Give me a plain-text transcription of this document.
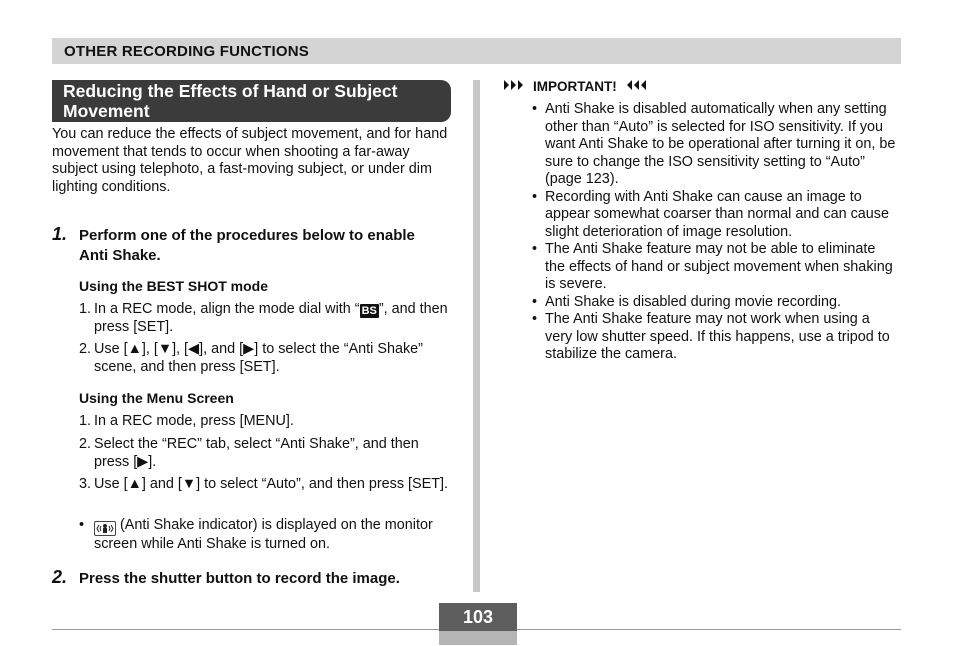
OTHER RECORDING FUNCTIONS
Reducing the Effects of Hand or Subject Movement

You can reduce the effects of subject movement, and for hand movement that tends to occur when shooting a far-away subject using telephoto, a fast-moving subject, or under dim lighting conditions.

1. Perform one of the procedures below to enable Anti Shake.
Using the BEST SHOT mode
1. In a REC mode, align the mode dial with “ BS ”, and then press [SET].
2. Use [▲], [▼], [◀], and [▶] to select the “Anti Shake” scene, and then press [SET].
Using the Menu Screen
1. In a REC mode, press [MENU].
2. Select the “REC” tab, select “Anti Shake”, and then press [▶].
3. Use [▲] and [▼] to select “Auto”, and then press [SET].
•	(Anti Shake indicator) is displayed on the monitor screen while Anti Shake is turned on.
2. Press the shutter button to record the image.
IMPORTANT!
• Anti Shake is disabled automatically when any setting other than “Auto” is selected for ISO sensitivity. If you want Anti Shake to be operational after turning it on, be sure to change the ISO sensitivity setting to “Auto” (page 123).
• Recording with Anti Shake can cause an image to appear somewhat coarser than normal and can cause slight deterioration of image resolution.
• The Anti Shake feature may not be able to eliminate the effects of hand or subject movement when shaking is severe.
• Anti Shake is disabled during movie recording.
• The Anti Shake feature may not work when using a very low shutter speed. If this happens, use a tripod to stabilize the camera.
103
